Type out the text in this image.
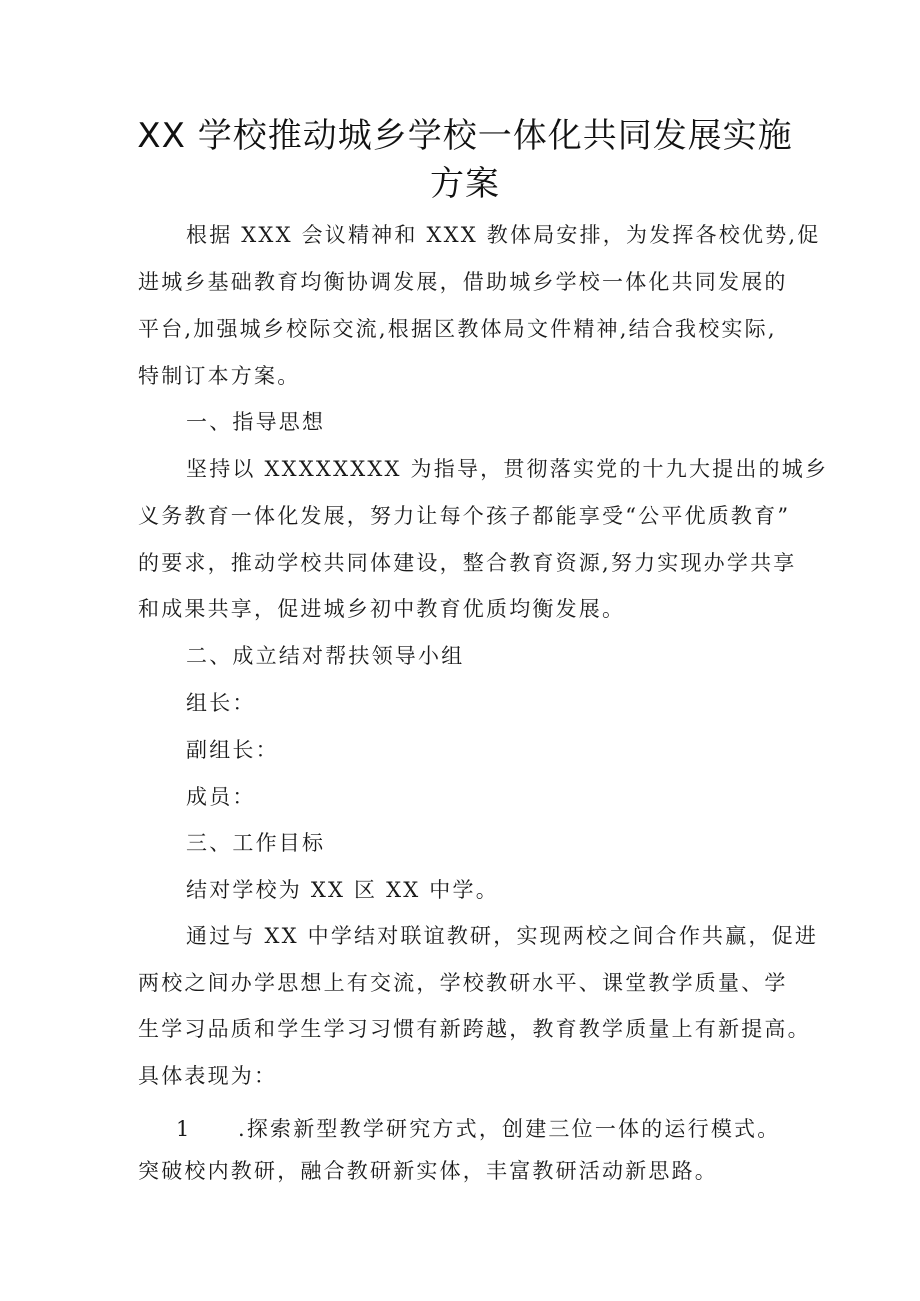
XX 学校推动城乡学校一体化共同发展实施
方案
根据 XXX 会议精神和 XXX 教体局安排，为发挥各校优势,促
进城乡基础教育均衡协调发展，借助城乡学校一体化共同发展的
平台,加强城乡校际交流,根据区教体局文件精神,结合我校实际,
特制订本方案。
一、指导思想
坚持以 XXXXXXXX 为指导，贯彻落实党的十九大提出的城乡
义务教育一体化发展，努力让每个孩子都能享受“公平优质教育”
的要求，推动学校共同体建设，整合教育资源,努力实现办学共享
和成果共享，促进城乡初中教育优质均衡发展。
二、成立结对帮扶领导小组
组长：
副组长：
成员：
三、工作目标
结对学校为 XX 区 XX 中学。
通过与 XX 中学结对联谊教研，实现两校之间合作共赢，促进
两校之间办学思想上有交流，学校教研水平、课堂教学质量、学
生学习品质和学生学习习惯有新跨越，教育教学质量上有新提高。
具体表现为：
1　　.探索新型教学研究方式，创建三位一体的运行模式。
突破校内教研，融合教研新实体，丰富教研活动新思路。
